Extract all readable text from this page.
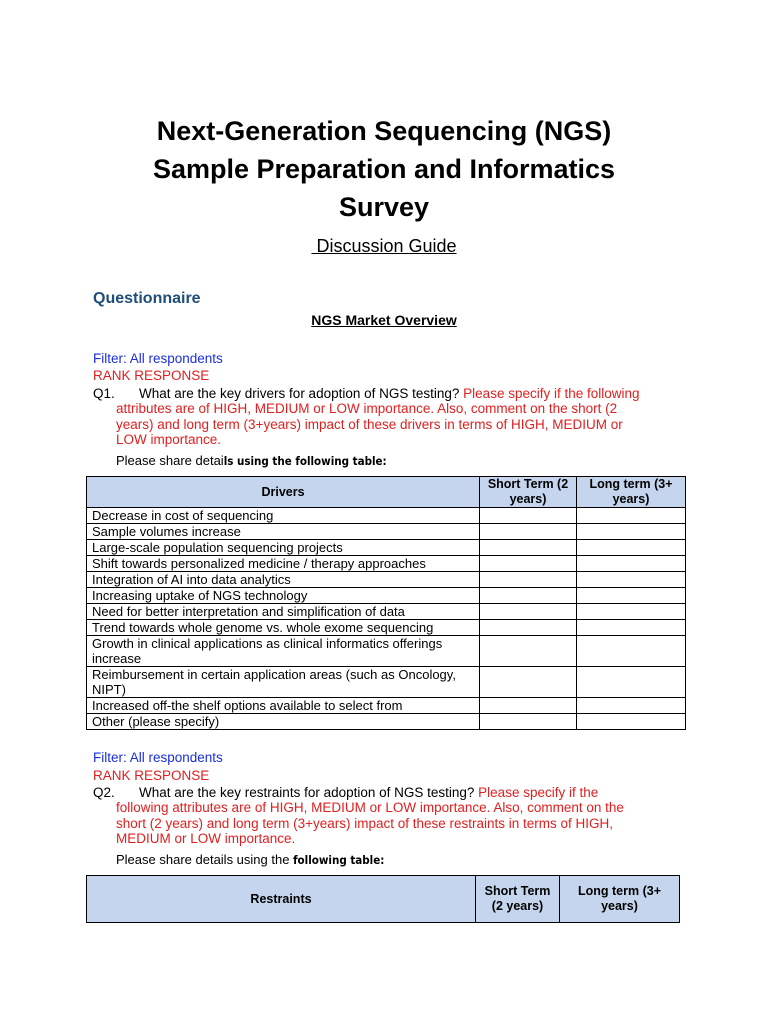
Next-Generation Sequencing (NGS)
Sample Preparation and Informatics
Survey
Discussion Guide
Questionnaire
NGS Market Overview
Filter: All respondents
RANK RESPONSE
Q1. What are the key drivers for adoption of NGS testing? Please specify if the following
attributes are of HIGH, MEDIUM or LOW importance. Also, comment on the short (2
years) and long term (3+years) impact of these drivers in terms of HIGH, MEDIUM or
LOW importance.
Please share details using the following table:
Drivers	Short Term (2 years)	Long term (3+ years)
Decrease in cost of sequencing		
Sample volumes increase		
Large-scale population sequencing projects		
Shift towards personalized medicine / therapy approaches		
Integration of AI into data analytics		
Increasing uptake of NGS technology		
Need for better interpretation and simplification of data		
Trend towards whole genome vs. whole exome sequencing		
Growth in clinical applications as clinical informatics offerings increase		
Reimbursement in certain application areas (such as Oncology, NIPT)		
Increased off-the shelf options available to select from		
Other (please specify)		
Filter: All respondents
RANK RESPONSE
Q2. What are the key restraints for adoption of NGS testing? Please specify if the
following attributes are of HIGH, MEDIUM or LOW importance. Also, comment on the
short (2 years) and long term (3+years) impact of these restraints in terms of HIGH,
MEDIUM or LOW importance.
Please share details using the following table:
Restraints	Short Term (2 years)	Long term (3+ years)
